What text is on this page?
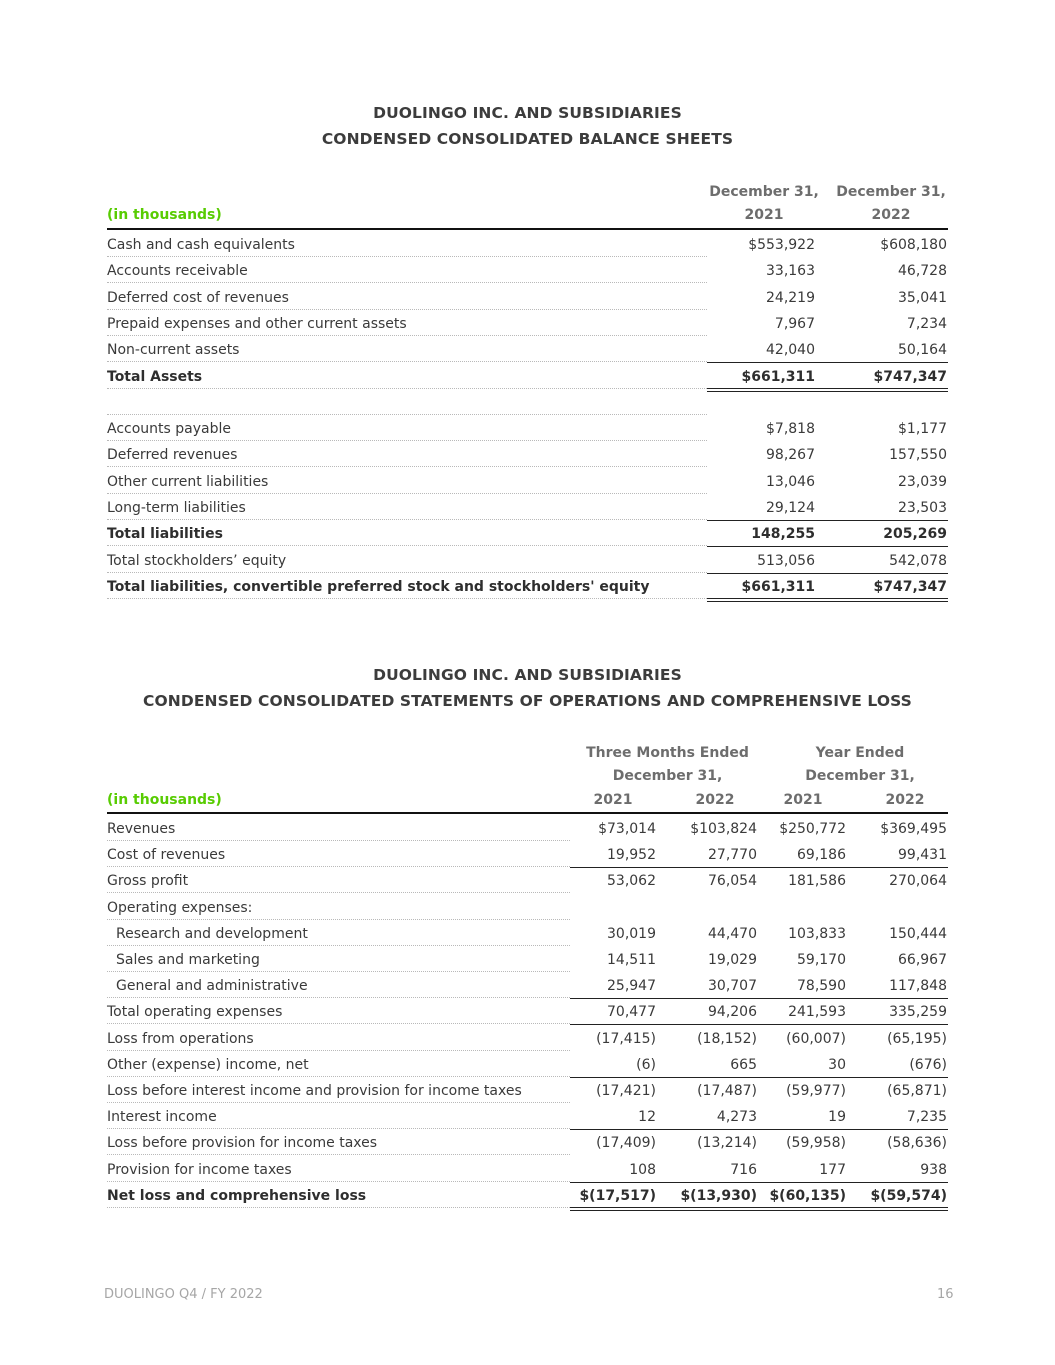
DUOLINGO INC. AND SUBSIDIARIES
CONDENSED CONSOLIDATED BALANCE SHEETS
December 31,
2021
December 31,
2022
(in thousands)
Cash and cash equivalents	$553,922	$608,180
Accounts receivable	33,163	46,728
Deferred cost of revenues	24,219	35,041
Prepaid expenses and other current assets	7,967	7,234
Non-current assets	42,040	50,164
Total Assets	$661,311	$747,347
Accounts payable	$7,818	$1,177
Deferred revenues	98,267	157,550
Other current liabilities	13,046	23,039
Long-term liabilities	29,124	23,503
Total liabilities	148,255	205,269
Total stockholders’ equity	513,056	542,078
Total liabilities, convertible preferred stock and stockholders' equity	$661,311	$747,347
DUOLINGO INC. AND SUBSIDIARIES
CONDENSED CONSOLIDATED STATEMENTS OF OPERATIONS AND COMPREHENSIVE LOSS
Three Months Ended
December 31,
Year Ended
December 31,
2021	2022	2021	2022
(in thousands)
Revenues	$73,014	$103,824	$250,772	$369,495
Cost of revenues	19,952	27,770	69,186	99,431
Gross profit	53,062	76,054	181,586	270,064
Operating expenses:
Research and development	30,019	44,470	103,833	150,444
Sales and marketing	14,511	19,029	59,170	66,967
General and administrative	25,947	30,707	78,590	117,848
Total operating expenses	70,477	94,206	241,593	335,259
Loss from operations	(17,415)	(18,152)	(60,007)	(65,195)
Other (expense) income, net	(6)	665	30	(676)
Loss before interest income and provision for income taxes	(17,421)	(17,487)	(59,977)	(65,871)
Interest income	12	4,273	19	7,235
Loss before provision for income taxes	(17,409)	(13,214)	(59,958)	(58,636)
Provision for income taxes	108	716	177	938
Net loss and comprehensive loss	$(17,517)	$(13,930) $(60,135)	$(59,574)
DUOLINGO Q4 / FY 2022	16
